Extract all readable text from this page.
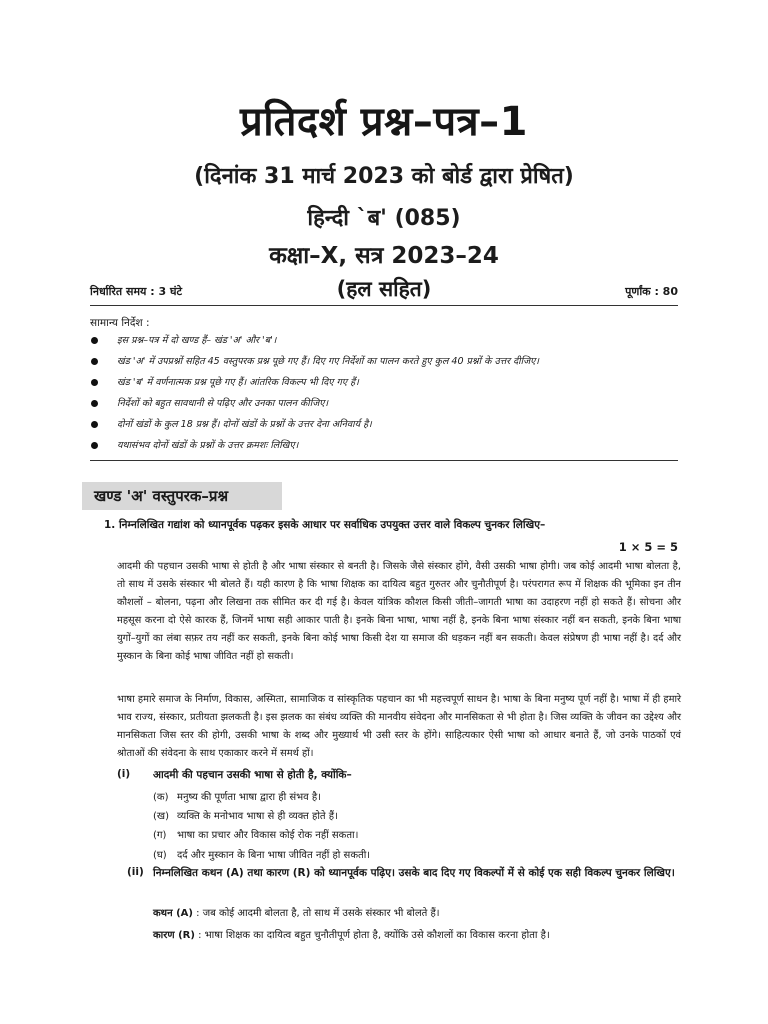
प्रतिदर्श प्रश्न–पत्र–1
(दिनांक 31 मार्च 2023 को बोर्ड द्वारा प्रेषित)
हिन्दी `ब' (085)
कक्षा–X, सत्र 2023–24
निर्धारित समय : 3 घंटे	(हल सहित)	पूर्णांक : 80
सामान्य निर्देश :
इस प्रश्न–पत्र में दो खण्ड हैं– खंड 'अ' और 'ब'।
खंड 'अ' में उपप्रश्नों सहित 45 वस्तुपरक प्रश्न पूछे गए हैं। दिए गए निर्देशों का पालन करते हुए कुल 40 प्रश्नों के उत्तर दीजिए।
खंड 'ब' में वर्णनात्मक प्रश्न पूछे गए हैं। आंतरिक विकल्प भी दिए गए हैं।
निर्देशों को बहुत सावधानी से पढ़िए और उनका पालन कीजिए।
दोनों खंडों के कुल 18 प्रश्न हैं। दोनों खंडों के प्रश्नों के उत्तर देना अनिवार्य है।
यथासंभव दोनों खंडों के प्रश्नों के उत्तर क्रमशः लिखिए।
खण्ड 'अ' वस्तुपरक–प्रश्न
1. निम्नलिखित गद्यांश को ध्यानपूर्वक पढ़कर इसके आधार पर सर्वाधिक उपयुक्त उत्तर वाले विकल्प चुनकर लिखिए–
1 × 5 = 5

आदमी की पहचान उसकी भाषा से होती है और भाषा संस्कार से बनती है। जिसके जैसे संस्कार होंगे, वैसी उसकी भाषा होगी। जब कोई आदमी भाषा बोलता है, तो साथ में उसके संस्कार भी बोलते हैं। यही कारण है कि भाषा शिक्षक का दायित्व बहुत गुरुतर और चुनौतीपूर्ण है। परंपरागत रूप में शिक्षक की भूमिका इन तीन कौशलों – बोलना, पढ़ना और लिखना तक सीमित कर दी गई है। केवल यांत्रिक कौशल किसी जीती–जागती भाषा का उदाहरण नहीं हो सकते हैं। सोचना और महसूस करना दो ऐसे कारक हैं, जिनमें भाषा सही आकार पाती है। इनके बिना भाषा, भाषा नहीं है, इनके बिना भाषा संस्कार नहीं बन सकती, इनके बिना भाषा युगों–युगों का लंबा सफ़र तय नहीं कर सकती, इनके बिना कोई भाषा किसी देश या समाज की धड़कन नहीं बन सकती। केवल संप्रेषण ही भाषा नहीं है। दर्द और मुस्कान के बिना कोई भाषा जीवित नहीं हो सकती।

भाषा हमारे समाज के निर्माण, विकास, अस्मिता, सामाजिक व सांस्कृतिक पहचान का भी महत्त्वपूर्ण साधन है। भाषा के बिना मनुष्य पूर्ण नहीं है। भाषा में ही हमारे भाव राज्य, संस्कार, प्रतीयता झलकती है। इस झलक का संबंध व्यक्ति की मानवीय संवेदना और मानसिकता से भी होता है। जिस व्यक्ति के जीवन का उद्देश्य और मानसिकता जिस स्तर की होगी, उसकी भाषा के शब्द और मुख्यार्थ भी उसी स्तर के होंगे। साहित्यकार ऐसी भाषा को आधार बनाते हैं, जो उनके पाठकों एवं श्रोताओं की संवेदना के साथ एकाकार करने में समर्थ हों।

(i) आदमी की पहचान उसकी भाषा से होती है, क्योंकि–
(क) मनुष्य की पूर्णता भाषा द्वारा ही संभव है।
(ख) व्यक्ति के मनोभाव भाषा से ही व्यक्त होते हैं।
(ग) भाषा का प्रचार और विकास कोई रोक नहीं सकता।
(घ) दर्द और मुस्कान के बिना भाषा जीवित नहीं हो सकती।
(ii) निम्नलिखित कथन (A) तथा कारण (R) को ध्यानपूर्वक पढ़िए। उसके बाद दिए गए विकल्पों में से कोई एक सही विकल्प चुनकर लिखिए।

कथन (A) : जब कोई आदमी बोलता है, तो साथ में उसके संस्कार भी बोलते हैं।
कारण (R) : भाषा शिक्षक का दायित्व बहुत चुनौतीपूर्ण होता है, क्योंकि उसे कौशलों का विकास करना होता है।
